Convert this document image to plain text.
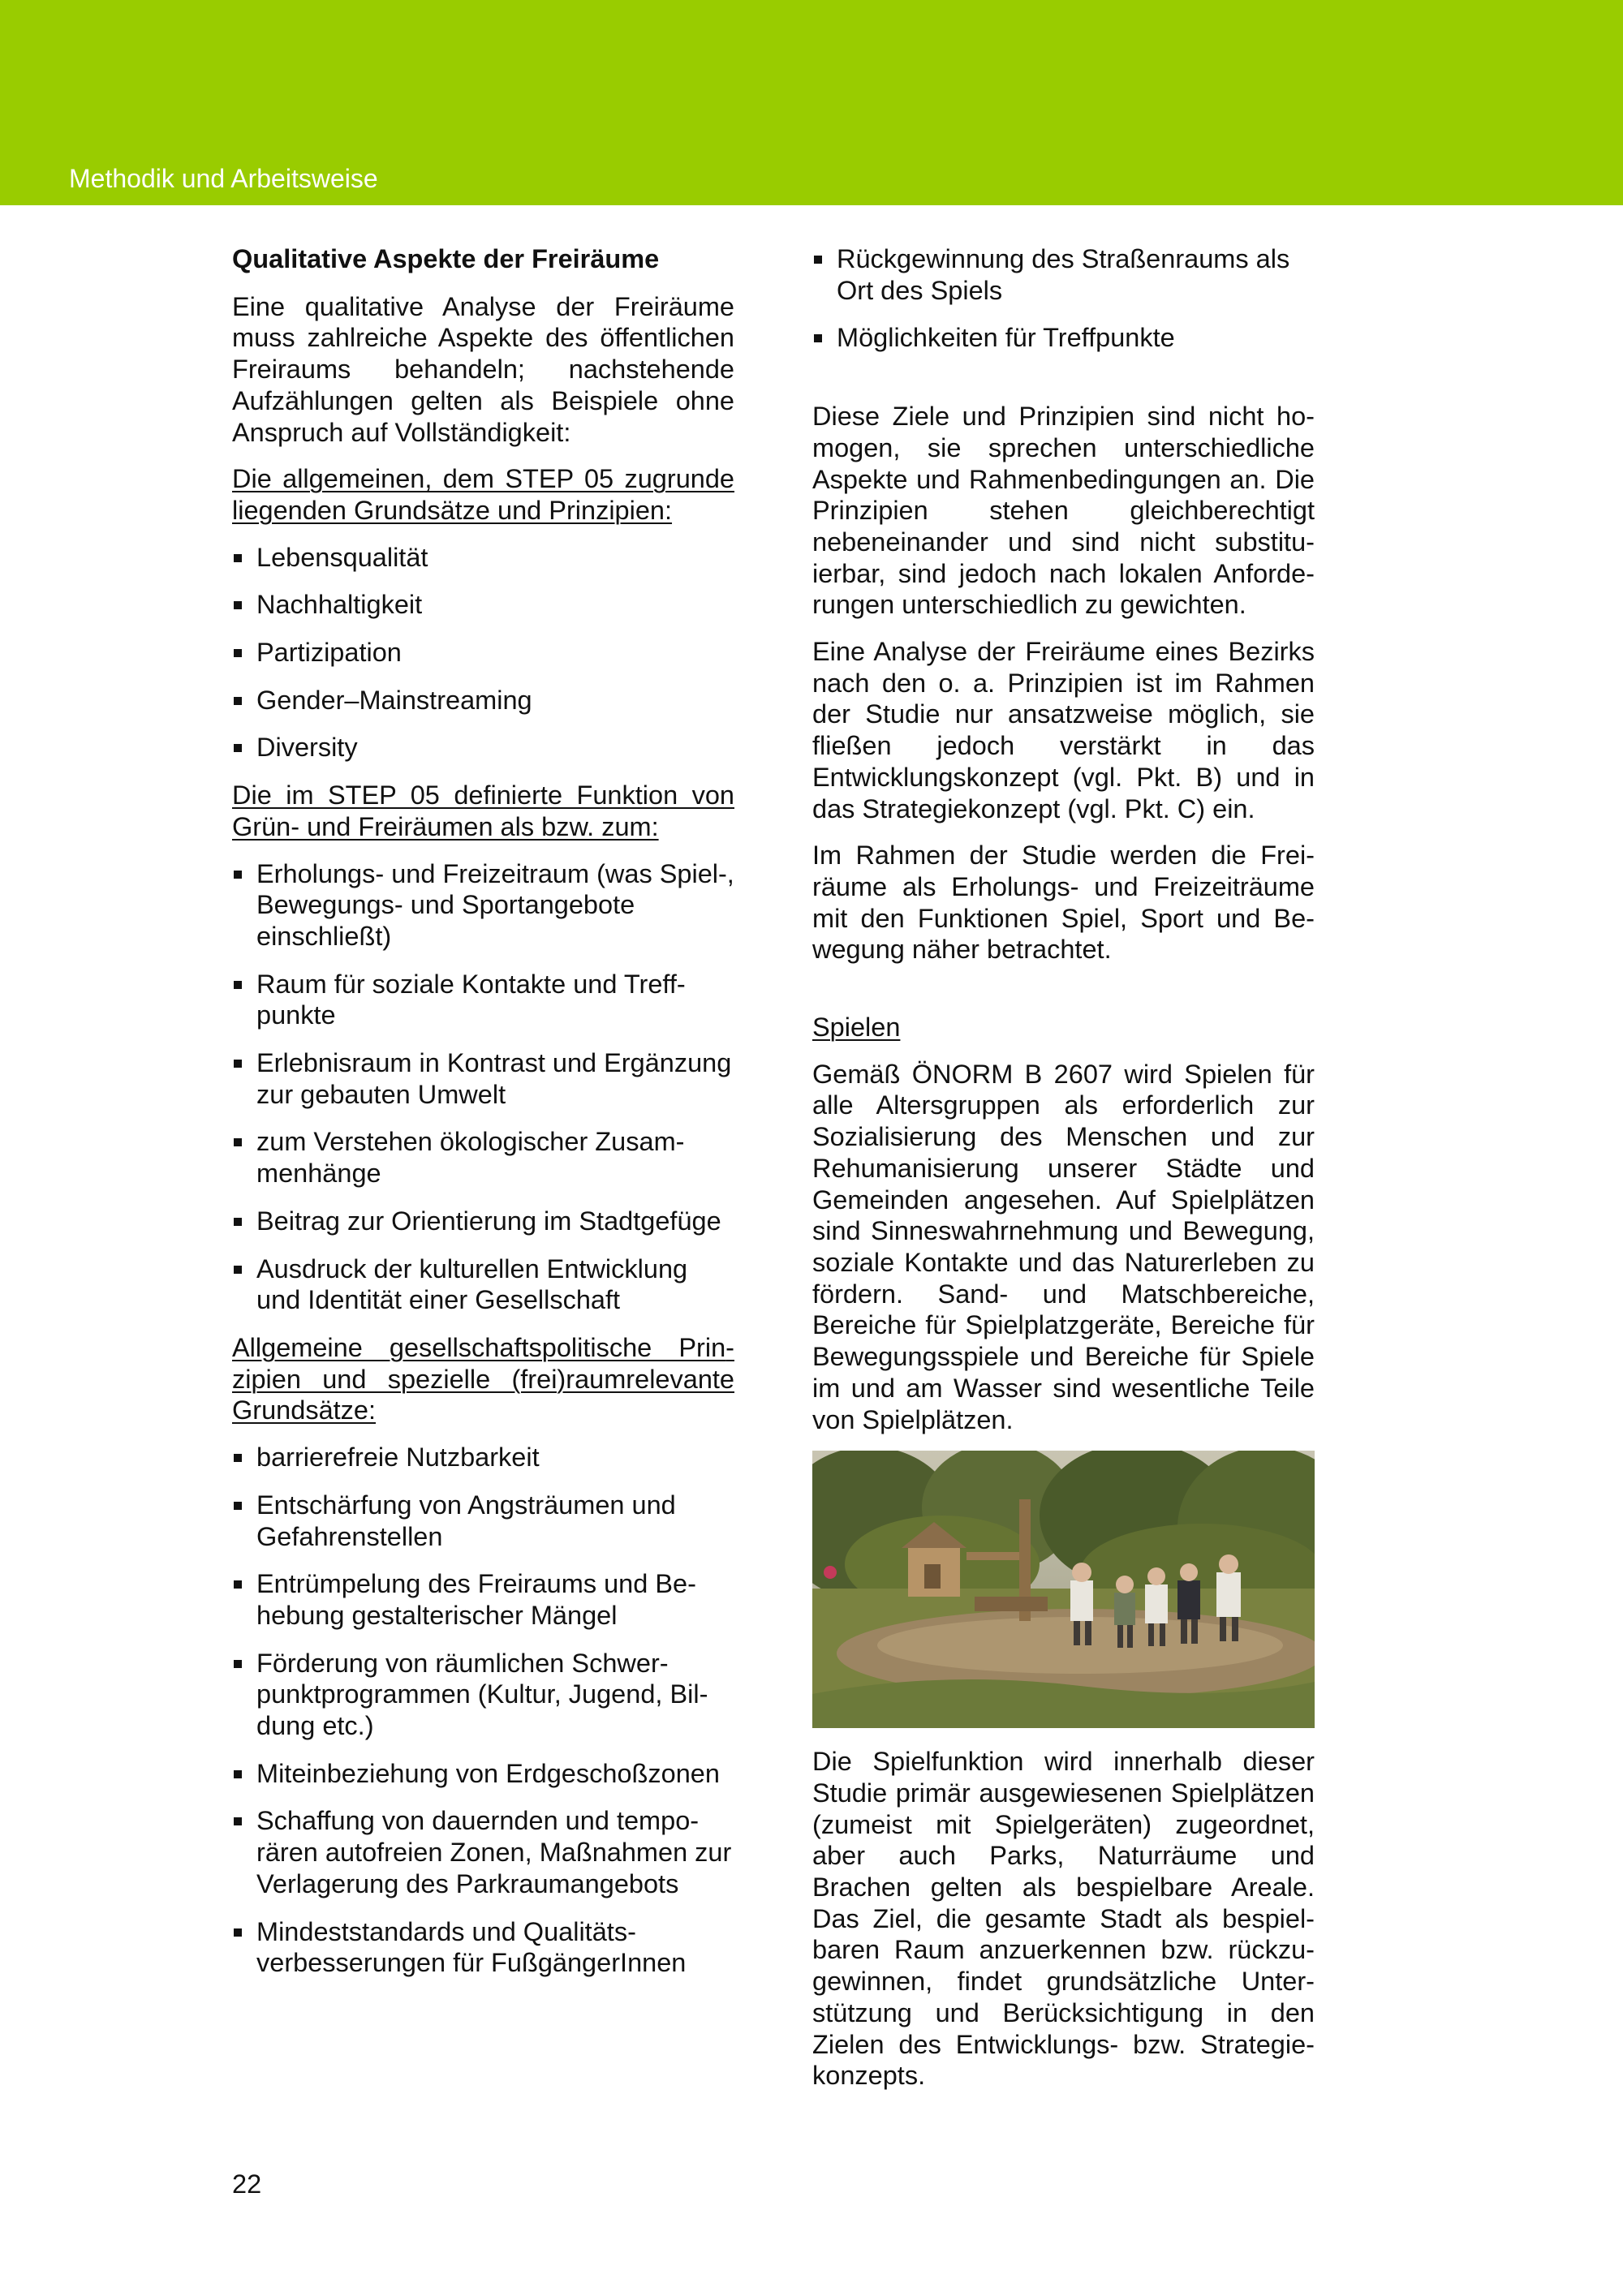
Methodik und Arbeitsweise

Qualitative Aspekte der Freiräume

Eine qualitative Analyse der Freiräume muss zahlreiche Aspekte des öffentlichen Freiraums behandeln; nachstehende Aufzählungen gelten als Beispiele ohne Anspruch auf Vollständigkeit:

Die allgemeinen, dem STEP 05 zugrunde liegenden Grundsätze und Prinzipien:

Lebensqualität
Nachhaltigkeit
Partizipation
Gender–Mainstreaming
Diversity

Die im STEP 05 definierte Funktion von Grün- und Freiräumen als bzw. zum:

Erholungs- und Freizeitraum (was Spiel-, Bewegungs- und Sportangebote einschließt)
Raum für soziale Kontakte und Treffpunkte
Erlebnisraum in Kontrast und Ergänzung zur gebauten Umwelt
zum Verstehen ökologischer Zusammenhänge
Beitrag zur Orientierung im Stadtgefüge
Ausdruck der kulturellen Entwicklung und Identität einer Gesellschaft

Allgemeine gesellschaftspolitische Prinzipien und spezielle (frei)raumrelevante Grundsätze:

barrierefreie Nutzbarkeit
Entschärfung von Angsträumen und Gefahrenstellen
Entrümpelung des Freiraums und Behebung gestalterischer Mängel
Förderung von räumlichen Schwerpunktprogrammen (Kultur, Jugend, Bildung etc.)
Miteinbeziehung von Erdgeschoßzonen
Schaffung von dauernden und temporären autofreien Zonen, Maßnahmen zur Verlagerung des Parkraumangebots
Mindeststandards und Qualitätsverbesserungen für FußgängerInnen
Rückgewinnung des Straßenraums als Ort des Spiels
Möglichkeiten für Treffpunkte

Diese Ziele und Prinzipien sind nicht homogen, sie sprechen unterschiedliche Aspekte und Rahmenbedingungen an. Die Prinzipien stehen gleichberechtigt nebeneinander und sind nicht substituierbar, sind jedoch nach lokalen Anforderungen unterschiedlich zu gewichten.

Eine Analyse der Freiräume eines Bezirks nach den o. a. Prinzipien ist im Rahmen der Studie nur ansatzweise möglich, sie fließen jedoch verstärkt in das Entwicklungskonzept (vgl. Pkt. B) und in das Strategiekonzept (vgl. Pkt. C) ein.

Im Rahmen der Studie werden die Freiräume als Erholungs- und Freizeiträume mit den Funktionen Spiel, Sport und Bewegung näher betrachtet.

Spielen

Gemäß ÖNORM B 2607 wird Spielen für alle Altersgruppen als erforderlich zur Sozialisierung des Menschen und zur Rehumanisierung unserer Städte und Gemeinden angesehen. Auf Spielplätzen sind Sinneswahrnehmung und Bewegung, soziale Kontakte und das Naturerleben zu fördern. Sand- und Matschbereiche, Bereiche für Spielplatzgeräte, Bereiche für Bewegungsspiele und Bereiche für Spiele im und am Wasser sind wesentliche Teile von Spielplätzen.

Die Spielfunktion wird innerhalb dieser Studie primär ausgewiesenen Spielplätzen (zumeist mit Spielgeräten) zugeordnet, aber auch Parks, Naturräume und Brachen gelten als bespielbare Areale. Das Ziel, die gesamte Stadt als bespielbaren Raum anzuerkennen bzw. rückzugewinnen, findet grundsätzliche Unterstützung und Berücksichtigung in den Zielen des Entwicklungs- bzw. Strategiekonzepts.

22
